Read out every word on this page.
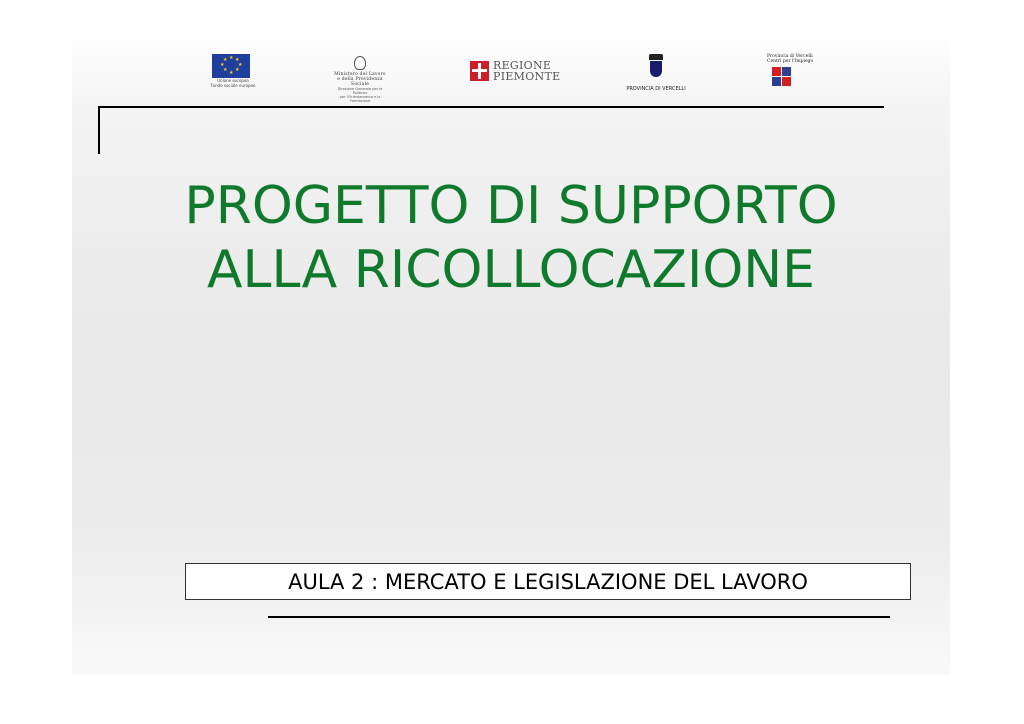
★ ★
★
★
★
★
★
★
Unione europea
Fondo sociale europeo
Ministero del Lavoro
e della Previdenza Sociale
Direzione Generale per le Politiche
per l'Orientamento e la Formazione
REGIONE
PIEMONTE
PROVINCIA DI VERCELLI
Provincia di Vercelli
Centri per l'Impiego
PROGETTO DI SUPPORTO
ALLA RICOLLOCAZIONE
AULA 2 : MERCATO E LEGISLAZIONE DEL LAVORO
